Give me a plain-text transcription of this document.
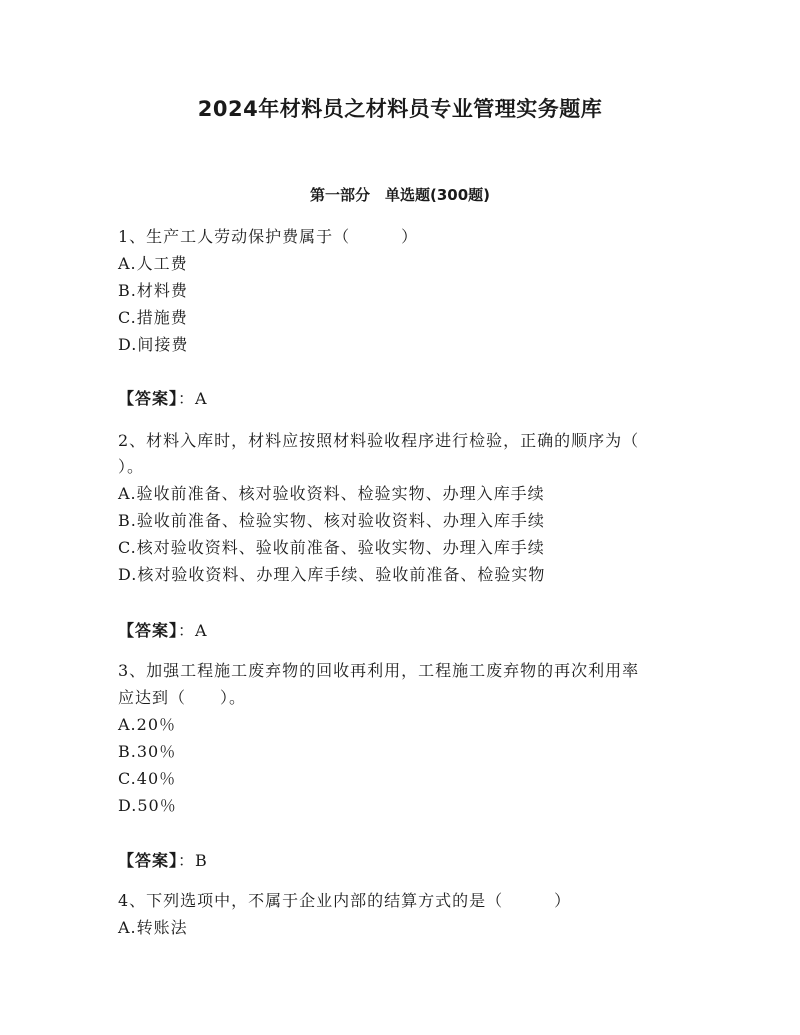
2024年材料员之材料员专业管理实务题库
第一部分　单选题(300题)
1、生产工人劳动保护费属于（　　　）
A.人工费
B.材料费
C.措施费
D.间接费
【答案】：A
2、材料入库时，材料应按照材料验收程序进行检验，正确的顺序为（
）。
A.验收前准备、核对验收资料、检验实物、办理入库手续
B.验收前准备、检验实物、核对验收资料、办理入库手续
C.核对验收资料、验收前准备、验收实物、办理入库手续
D.核对验收资料、办理入库手续、验收前准备、检验实物
【答案】：A
3、加强工程施工废弃物的回收再利用，工程施工废弃物的再次利用率
应达到（　　）。
A.20％
B.30％
C.40％
D.50％
【答案】：B
4、下列选项中，不属于企业内部的结算方式的是（　　　）
A.转账法
